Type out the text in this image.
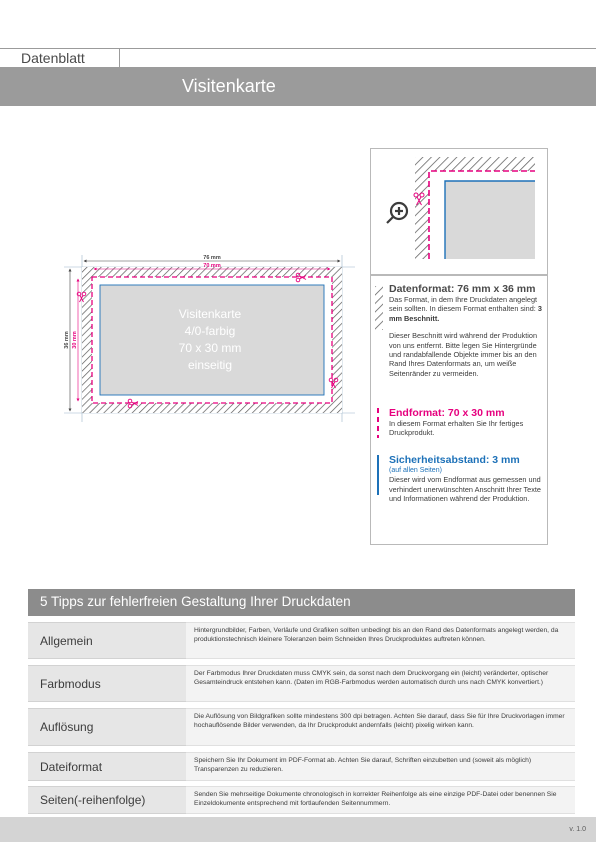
Datenblatt
Visitenkarte
Visitenkarte
4/0-farbig
70 x 30 mm
einseitig
76 mm
70 mm
36 mm 30 mm
Datenformat: 76 mm x 36 mm
Das Format, in dem Ihre Druckdaten angelegt sein sollten. In diesem Format enthalten sind: 3 mm Beschnitt.
Dieser Beschnitt wird während der Produktion von uns entfernt. Bitte legen Sie Hintergründe und randabfallende Objekte immer bis an den Rand Ihres Datenformats an, um weiße Seitenränder zu vermeiden.
Endformat: 70 x 30 mm
In diesem Format erhalten Sie Ihr fertiges Druckprodukt.
Sicherheitsabstand: 3 mm
(auf allen Seiten)
Dieser wird vom Endformat aus gemessen und verhindert unerwünschten Anschnitt Ihrer Texte und Informationen während der Produktion.
5 Tipps zur fehlerfreien Gestaltung Ihrer Druckdaten
Allgemein
Hintergrundbilder, Farben, Verläufe und Grafiken sollten unbedingt bis an den Rand des Datenformats angelegt werden, da produktionstechnisch kleinere Toleranzen beim Schneiden Ihres Druckproduktes auftreten können.
Farbmodus
Der Farbmodus Ihrer Druckdaten muss CMYK sein, da sonst nach dem Druckvorgang ein (leicht) veränderter, optischer Gesamteindruck entstehen kann. (Daten im RGB-Farbmodus werden automatisch durch uns nach CMYK konvertiert.)
Auflösung
Die Auflösung von Bildgrafiken sollte mindestens 300 dpi betragen. Achten Sie darauf, dass Sie für Ihre Druckvorlagen immer hochauflösende Bilder verwenden, da Ihr Druckprodukt andernfalls (leicht) pixelig wirken kann.
Dateiformat	Speichern Sie Ihr Dokument im PDF-Format ab. Achten Sie darauf, Schriften einzubetten und (soweit als möglich) Transparenzen zu reduzieren.
Seiten(-reihenfolge)	Senden Sie mehrseitige Dokumente chronologisch in korrekter Reihenfolge als eine einzige PDF-Datei oder benennen Sie Einzeldokumente entsprechend mit fortlaufenden Seitennummern.
v. 1.0
